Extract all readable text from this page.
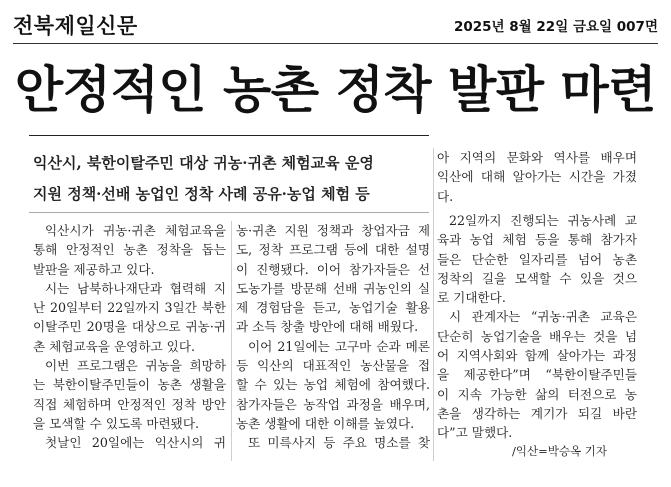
전북제일신문	2025년 8월 22일 금요일 007면
안정적인 농촌 정착 발판 마련
익산시, 북한이탈주민 대상 귀농·귀촌 체험교육 운영
지원 정책·선배 농업인 정착 사례 공유·농업 체험 등
아 지역의 문화와 역사를 배우며
익산에 대해 알아가는 시간을 가졌
다.
익산시가 귀농·귀촌 체험교육을
통해 안정적인 농촌 정착을 돕는
발판을 제공하고 있다.
시는 남북하나재단과 협력해 지
난 20일부터 22일까지 3일간 북한
이탈주민 20명을 대상으로 귀농·귀
촌 체험교육을 운영하고 있다.
이번 프로그램은 귀농을 희망하
는 북한이탈주민들이 농촌 생활을
직접 체험하며 안정적인 정착 방안
을 모색할 수 있도록 마련됐다.
첫날인 20일에는 익산시의 귀
농·귀촌 지원 정책과 창업자금 제
도, 정착 프로그램 등에 대한 설명
이 진행됐다. 이어 참가자들은 선
도농가를 방문해 선배 귀농인의 실
제 경험담을 듣고, 농업기술 활용
과 소득 창출 방안에 대해 배웠다.
이어 21일에는 고구마 순과 메론
등 익산의 대표적인 농산물을 접
할 수 있는 농업 체험에 참여했다.
참가자들은 농작업 과정을 배우며,
농촌 생활에 대한 이해를 높였다.
또 미륵사지 등 주요 명소를 찾
22일까지 진행되는 귀농사례 교
육과 농업 체험 등을 통해 참가자
들은 단순한 일자리를 넘어 농촌
정착의 길을 모색할 수 있을 것으
로 기대한다.
시 관계자는 “귀농·귀촌 교육은
단순히 농업기술을 배우는 것을 넘
어 지역사회와 함께 살아가는 과정
을 제공한다”며 “북한이탈주민들
이 지속 가능한 삶의 터전으로 농
촌을 생각하는 계기가 되길 바란
다”고 말했다.
/익산=박승옥 기자
